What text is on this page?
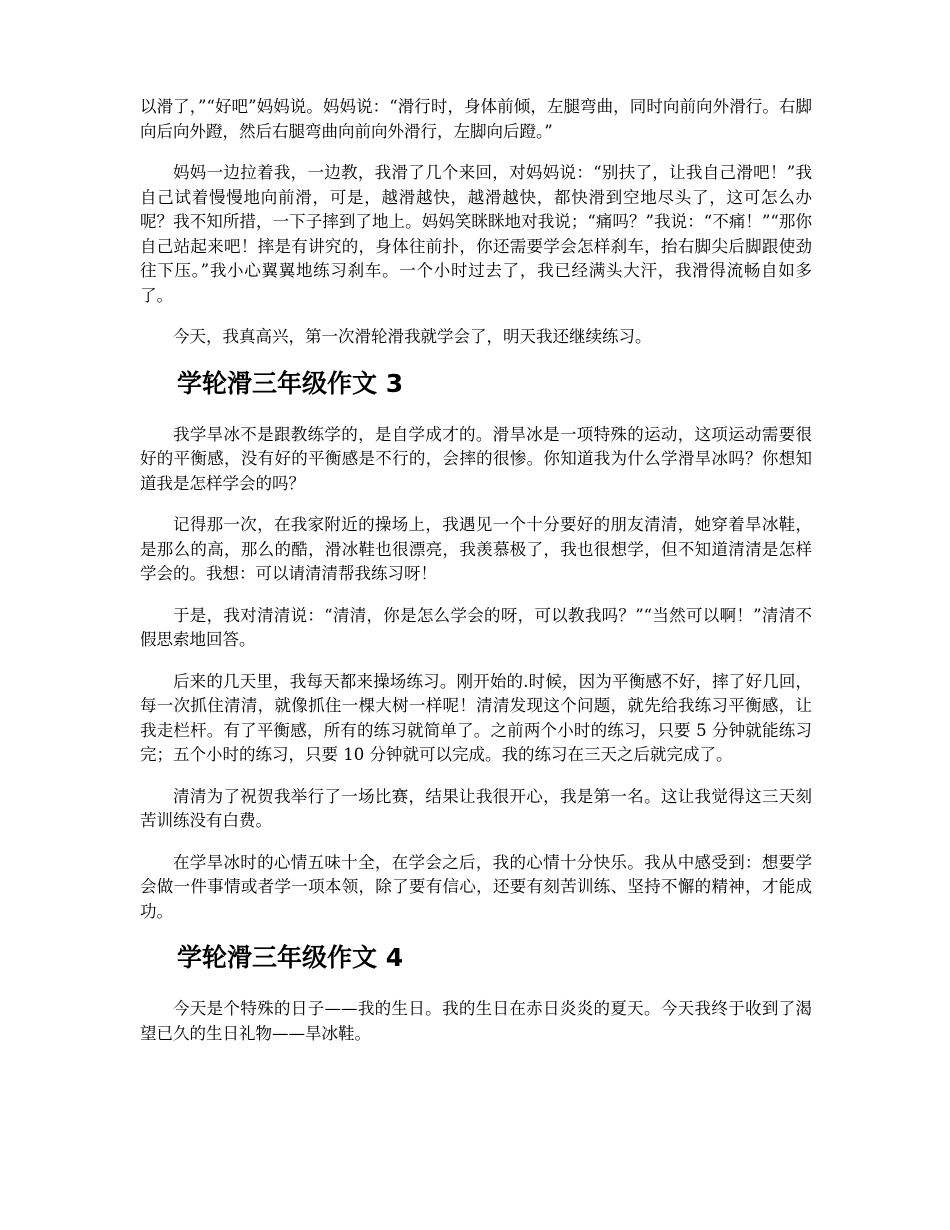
以滑了，”“好吧”妈妈说。妈妈说：“滑行时，身体前倾，左腿弯曲，同时向前向外滑行。右脚向后向外蹬，然后右腿弯曲向前向外滑行，左脚向后蹬。”

妈妈一边拉着我，一边教，我滑了几个来回，对妈妈说：“别扶了，让我自己滑吧！”我自己试着慢慢地向前滑，可是，越滑越快，越滑越快，都快滑到空地尽头了，这可怎么办呢？我不知所措，一下子摔到了地上。妈妈笑眯眯地对我说；“痛吗？”我说：“不痛！”“那你自己站起来吧！摔是有讲究的，身体往前扑，你还需要学会怎样刹车，抬右脚尖后脚跟使劲往下压。”我小心翼翼地练习刹车。一个小时过去了，我已经满头大汗，我滑得流畅自如多了。

今天，我真高兴，第一次滑轮滑我就学会了，明天我还继续练习。

学轮滑三年级作文 3

我学旱冰不是跟教练学的，是自学成才的。滑旱冰是一项特殊的运动，这项运动需要很好的平衡感，没有好的平衡感是不行的，会摔的很惨。你知道我为什么学滑旱冰吗？你想知道我是怎样学会的吗？

记得那一次，在我家附近的操场上，我遇见一个十分要好的朋友清清，她穿着旱冰鞋，是那么的高，那么的酷，滑冰鞋也很漂亮，我羡慕极了，我也很想学，但不知道清清是怎样学会的。我想：可以请清清帮我练习呀！

于是，我对清清说：“清清，你是怎么学会的呀，可以教我吗？”“当然可以啊！”清清不假思索地回答。

后来的几天里，我每天都来操场练习。刚开始的.时候，因为平衡感不好，摔了好几回，每一次抓住清清，就像抓住一棵大树一样呢！清清发现这个问题，就先给我练习平衡感，让我走栏杆。有了平衡感，所有的练习就简单了。之前两个小时的练习，只要 5 分钟就能练习完；五个小时的练习，只要 10 分钟就可以完成。我的练习在三天之后就完成了。

清清为了祝贺我举行了一场比赛，结果让我很开心，我是第一名。这让我觉得这三天刻苦训练没有白费。

在学旱冰时的心情五味十全，在学会之后，我的心情十分快乐。我从中感受到：想要学会做一件事情或者学一项本领，除了要有信心，还要有刻苦训练、坚持不懈的精神，才能成功。

学轮滑三年级作文 4

今天是个特殊的日子——我的生日。我的生日在赤日炎炎的夏天。今天我终于收到了渴望已久的生日礼物——旱冰鞋。
